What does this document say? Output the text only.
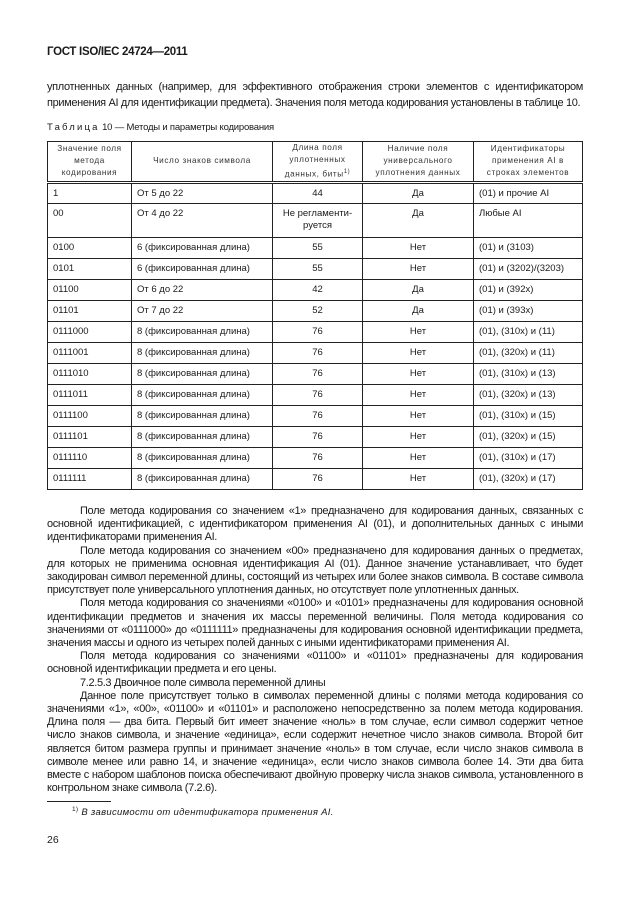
ГОСТ ISO/IEC 24724—2011
уплотненных данных (например, для эффективного отображения строки элементов с идентификатором применения AI для идентификации предмета). Значения поля метода кодирования установлены в таблице 10.
Таблица 10 — Методы и параметры кодирования
Значение поля метода кодирования	Число знаков символа	Длина поля уплотненных данных, биты$^{1)}$	Наличие поля универсального уплотнения данных	Идентификаторы применения AI в строках элементов
1	От 5 до 22	44	Да	(01) и прочие AI
00	От 4 до 22	Не регламенти-руется	Да	Любые AI
0100	6 (фиксированная длина)	55	Нет	(01) и (3103)
0101	6 (фиксированная длина)	55	Нет	(01) и (3202)/(3203)
01100	От 6 до 22	42	Да	(01) и (392x)
01101	От 7 до 22	52	Да	(01) и (393x)
0111000	8 (фиксированная длина)	76	Нет	(01), (310x) и (11)
0111001	8 (фиксированная длина)	76	Нет	(01), (320x) и (11)
0111010	8 (фиксированная длина)	76	Нет	(01), (310x) и (13)
0111011	8 (фиксированная длина)	76	Нет	(01), (320x) и (13)
0111100	8 (фиксированная длина)	76	Нет	(01), (310x) и (15)
0111101	8 (фиксированная длина)	76	Нет	(01), (320x) и (15)
0111110	8 (фиксированная длина)	76	Нет	(01), (310x) и (17)
0111111	8 (фиксированная длина)	76	Нет	(01), (320x) и (17)

Поле метода кодирования со значением «1» предназначено для кодирования данных, связанных с основной идентификацией, с идентификатором применения AI (01), и дополнительных данных с иными идентификаторами применения AI.

Поле метода кодирования со значением «00» предназначено для кодирования данных о предметах, для которых не применима основная идентификация AI (01). Данное значение устанавливает, что будет закодирован символ переменной длины, состоящий из четырех или более знаков символа. В составе символа присутствует поле универсального уплотнения данных, но отсутствует поле уплотненных данных.

Поля метода кодирования со значениями «0100» и «0101» предназначены для кодирования основной идентификации предметов и значения их массы переменной величины. Поля метода кодирования со значениями от «0111000» до «0111111» предназначены для кодирования основной идентификации предмета, значения массы и одного из четырех полей данных с иными идентификаторами применения AI.

Поля метода кодирования со значениями «01100» и «01101» предназначены для кодирования основной идентификации предмета и его цены.

7.2.5.3 Двоичное поле символа переменной длины

Данное поле присутствует только в символах переменной длины с полями метода кодирования со значениями «1», «00», «01100» и «01101» и расположено непосредственно за полем метода кодирования. Длина поля — два бита. Первый бит имеет значение «ноль» в том случае, если символ содержит четное число знаков символа, и значение «единица», если содержит нечетное число знаков символа. Второй бит является битом размера группы и принимает значение «ноль» в том случае, если число знаков символа в символе менее или равно 14, и значение «единица», если число знаков символа более 14. Эти два бита вместе с набором шаблонов поиска обеспечивают двойную проверку числа знаков символа, установленного в контрольном знаке символа (7.2.6).

$^{1)}$ В зависимости от идентификатора применения AI.
26
